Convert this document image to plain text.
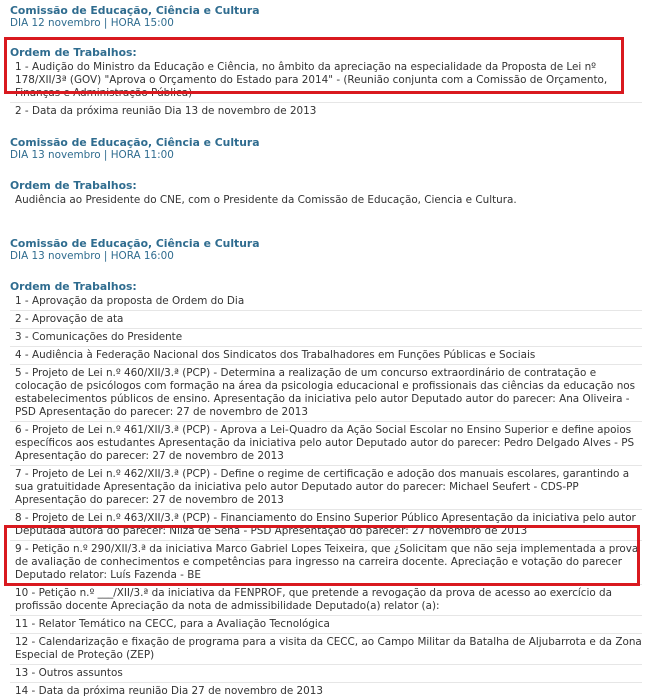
Comissão de Educação, Ciência e Cultura
DIA 12 novembro | HORA 15:00
Ordem de Trabalhos:
1 - Audição do Ministro da Educação e Ciência, no âmbito da apreciação na especialidade da Proposta de Lei nº 178/XII/3ª (GOV) "Aprova o Orçamento do Estado para 2014" - (Reunião conjunta com a Comissão de Orçamento, Finanças e Administração Pública)
2 - Data da próxima reunião Dia 13 de novembro de 2013
Comissão de Educação, Ciência e Cultura
DIA 13 novembro | HORA 11:00
Ordem de Trabalhos:
Audiência ao Presidente do CNE, com o Presidente da Comissão de Educação, Ciencia e Cultura.
Comissão de Educação, Ciência e Cultura
DIA 13 novembro | HORA 16:00
Ordem de Trabalhos:
1 - Aprovação da proposta de Ordem do Dia
2 - Aprovação de ata
3 - Comunicações do Presidente
4 - Audiência à Federação Nacional dos Sindicatos dos Trabalhadores em Funções Públicas e Sociais
5 - Projeto de Lei n.º 460/XII/3.ª (PCP) - Determina a realização de um concurso extraordinário de contratação e colocação de psicólogos com formação na área da psicologia educacional e profissionais das ciências da educação nos estabelecimentos públicos de ensino. Apresentação da iniciativa pelo autor Deputado autor do parecer: Ana Oliveira - PSD Apresentação do parecer: 27 de novembro de 2013
6 - Projeto de Lei n.º 461/XII/3.ª (PCP) - Aprova a Lei-Quadro da Ação Social Escolar no Ensino Superior e define apoios específicos aos estudantes Apresentação da iniciativa pelo autor Deputado autor do parecer: Pedro Delgado Alves - PS Apresentação do parecer: 27 de novembro de 2013
7 - Projeto de Lei n.º 462/XII/3.ª (PCP) - Define o regime de certificação e adoção dos manuais escolares, garantindo a sua gratuitidade Apresentação da iniciativa pelo autor Deputado autor do parecer: Michael Seufert - CDS-PP Apresentação do parecer: 27 de novembro de 2013
8 - Projeto de Lei n.º 463/XII/3.ª (PCP) - Financiamento do Ensino Superior Público Apresentação da iniciativa pelo autor Deputada autora do parecer: Nilza de Sena - PSD Apresentação do parecer: 27 novembro de 2013
9 - Petição n.º 290/XII/3.ª da iniciativa Marco Gabriel Lopes Teixeira, que ¿Solicitam que não seja implementada a prova de avaliação de conhecimentos e competências para ingresso na carreira docente. Apreciação e votação do parecer Deputado relator: Luís Fazenda - BE
10 - Petição n.º ___/XII/3.ª da iniciativa da FENPROF, que pretende a revogação da prova de acesso ao exercício da profissão docente Apreciação da nota de admissibilidade Deputado(a) relator (a):
11 - Relator Temático na CECC, para a Avaliação Tecnológica
12 - Calendarização e fixação de programa para a visita da CECC, ao Campo Militar da Batalha de Aljubarrota e da Zona Especial de Proteção (ZEP)
13 - Outros assuntos
14 - Data da próxima reunião Dia 27 de novembro de 2013
